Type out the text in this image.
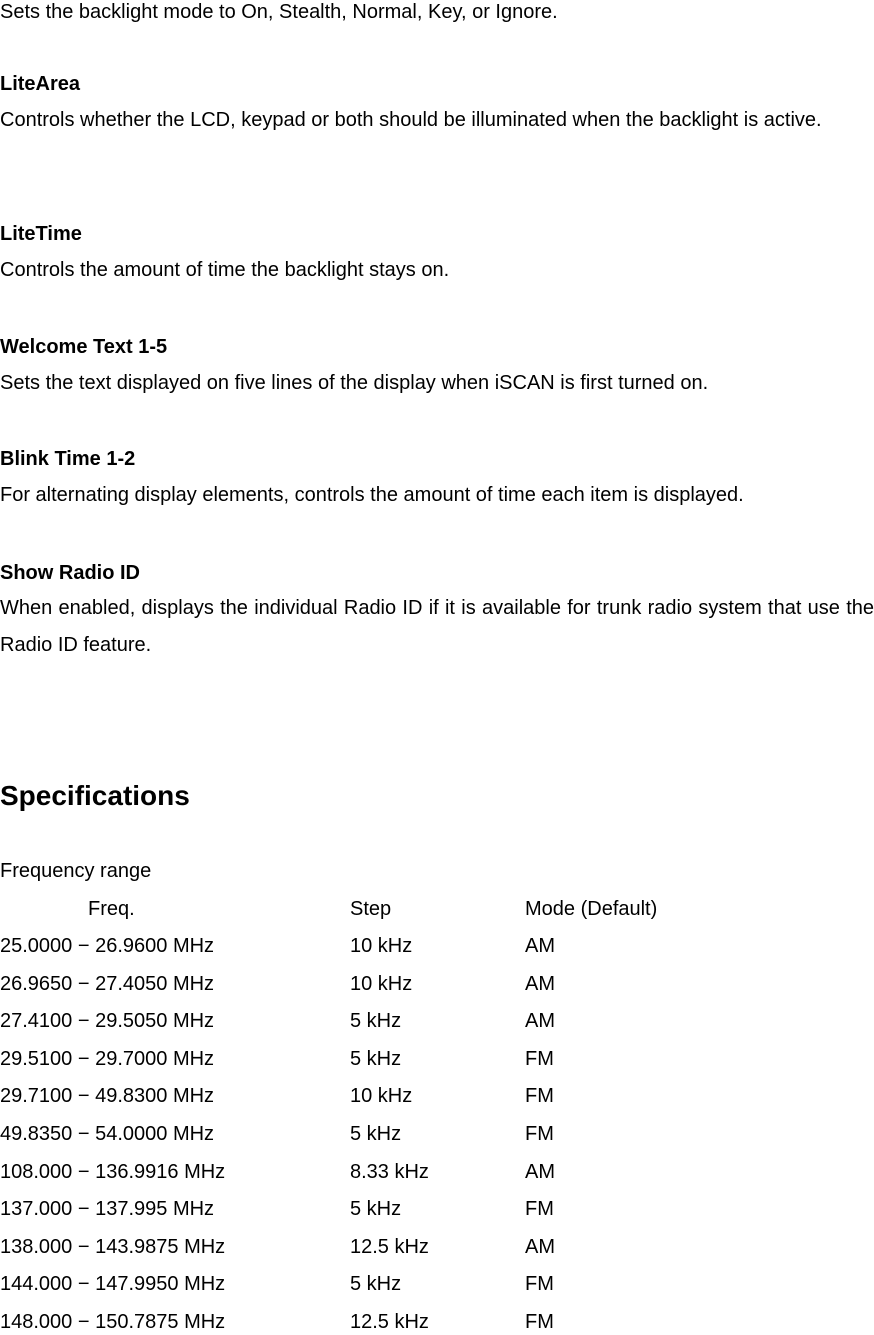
Sets the backlight mode to On, Stealth, Normal, Key, or Ignore.
LiteArea
Controls whether the LCD, keypad or both should be illuminated when the backlight is active.
LiteTime
Controls the amount of time the backlight stays on.
Welcome Text 1-5
Sets the text displayed on five lines of the display when iSCAN is first turned on.
Blink Time 1-2
For alternating display elements, controls the amount of time each item is displayed.
Show Radio ID
When enabled, displays the individual Radio ID if it is available for trunk radio system that use the Radio ID feature.
Specifications
Frequency range
Freq.	Step	Mode (Default)
25.0000 − 26.9600 MHz	10 kHz	AM
26.9650 − 27.4050 MHz	10 kHz	AM
27.4100 − 29.5050 MHz	5 kHz	AM
29.5100 − 29.7000 MHz	5 kHz	FM
29.7100 − 49.8300 MHz	10 kHz	FM
49.8350 − 54.0000 MHz	5 kHz	FM
108.000 − 136.9916 MHz	8.33 kHz	AM
137.000 − 137.995 MHz	5 kHz	FM
138.000 − 143.9875 MHz	12.5 kHz	AM
144.000 − 147.9950 MHz	5 kHz	FM
148.000 − 150.7875 MHz	12.5 kHz	FM
